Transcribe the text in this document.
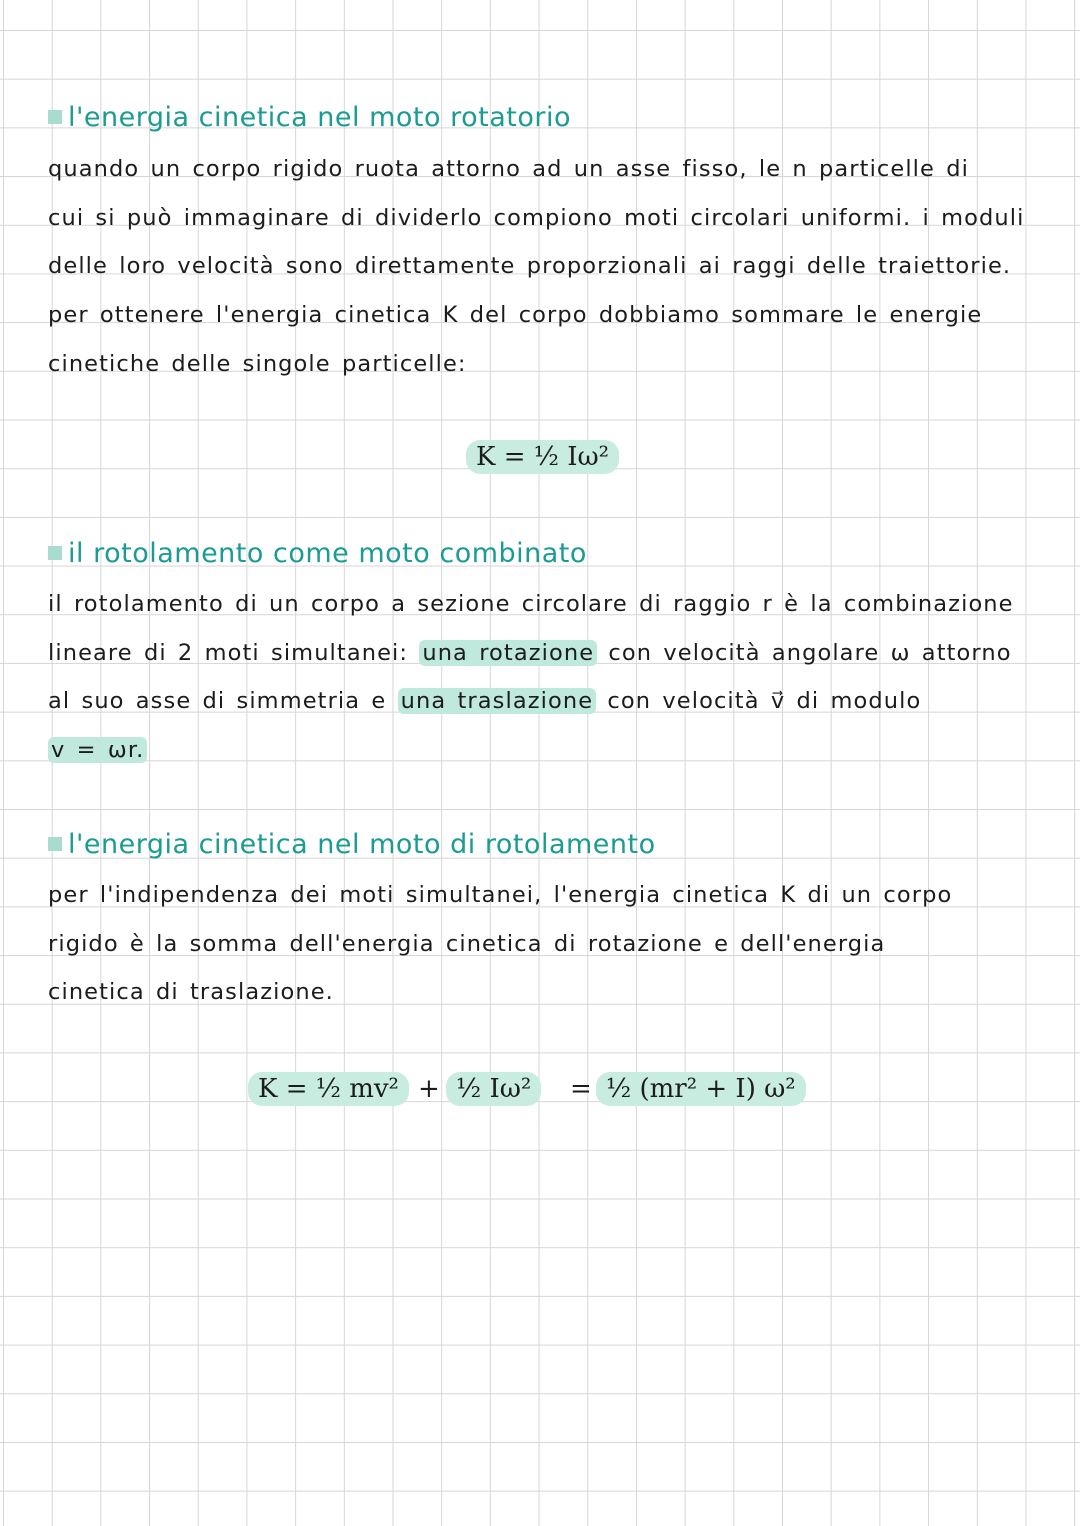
l'energia cinetica nel moto rotatorio
quando un corpo rigido ruota attorno ad un asse fisso, le n particelle di
cui si può immaginare di dividerlo compiono moti circolari uniformi. i moduli
delle loro velocità sono direttamente proporzionali ai raggi delle traiettorie.
per ottenere l'energia cinetica K del corpo dobbiamo sommare le energie
cinetiche delle singole particelle:
K = ½ Iω²
il rotolamento come moto combinato
il rotolamento di un corpo a sezione circolare di raggio r è la combinazione
lineare di 2 moti simultanei: una rotazione con velocità angolare ω attorno
al suo asse di simmetria e una traslazione con velocità v⃗ di modulo
v = ωr.
l'energia cinetica nel moto di rotolamento
per l'indipendenza dei moti simultanei, l'energia cinetica K di un corpo
rigido è la somma dell'energia cinetica di rotazione e dell'energia
cinetica di traslazione.
K = ½ mv² + ½ Iω²	= ½ (mr² + I) ω²
